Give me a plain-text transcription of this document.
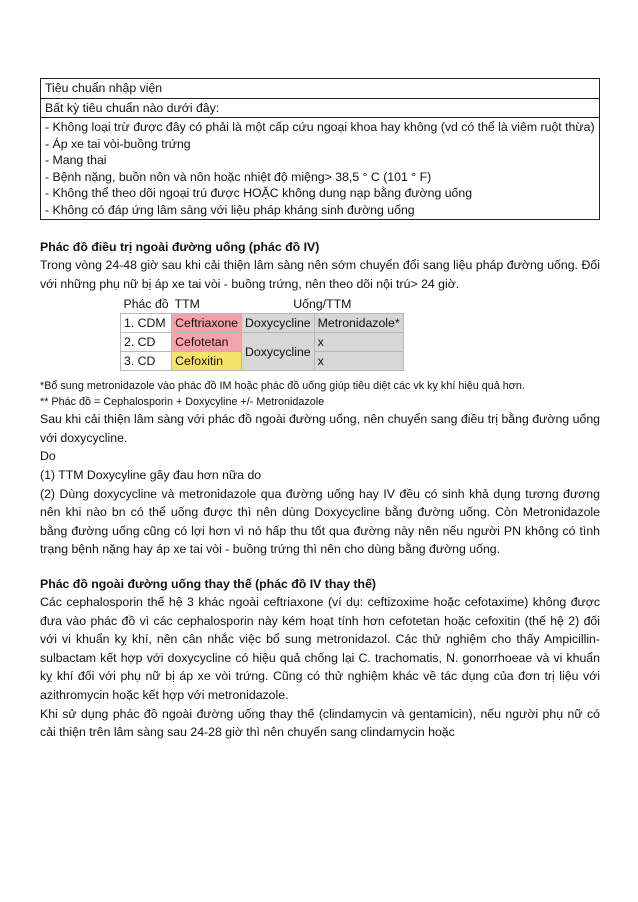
Tiêu chuẩn nhập viện
Bất kỳ tiêu chuẩn nào dưới đây:
- Không loại trừ được đây có phải là một cấp cứu ngoại khoa hay không (vd có thể là viêm ruột thừa)
- Áp xe tai vòi-buồng trứng
- Mang thai
- Bệnh nặng, buồn nôn và nôn hoặc nhiệt độ miệng> 38,5 ° C (101 ° F)
- Không thể theo dõi ngoại trú được HOẶC không dung nạp bằng đường uống
- Không có đáp ứng lâm sàng với liệu pháp kháng sinh đường uống
Phác đồ điều trị ngoài đường uống (phác đồ IV)
Trong vòng 24-48 giờ sau khi cải thiện lâm sàng nên sớm chuyển đổi sang liệu pháp đường uống. Đối với những phụ nữ bị áp xe tai vòi - buồng trứng, nên theo dõi nội trú> 24 giờ.
Phác đồ	TTM	Uống/TTM	
1. CDM	Ceftriaxone	Doxycycline	Metronidazole*
2. CD	Cefotetan	Doxycycline	x
3. CD	Cefoxitin		x
*Bổ sung metronidazole vào phác đồ IM hoặc phác đồ uống giúp tiêu diệt các vk kỵ khí hiệu quả hơn.
** Phác đồ = Cephalosporin + Doxycyline +/- Metronidazole
Sau khi cải thiện lâm sàng với phác đồ ngoài đường uống, nên chuyển sang điều trị bằng đường uống với doxycycline.
Do
(1) TTM Doxycyline gây đau hơn nữa do
(2) Dùng doxycycline và metronidazole qua đường uống hay IV đều có sinh khả dụng tương đương nên khi nào bn có thể uống được thì nên dùng Doxycycline bằng đường uống. Còn Metronidazole bằng đường uống cũng có lợi hơn vì nó hấp thu tốt qua đường này nên nếu người PN không có tình trạng bệnh nặng hay áp xe tai vòi - buồng trứng thì nên cho dùng bằng đường uống.
Phác đồ ngoài đường uống thay thế (phác đồ IV thay thế)
Các cephalosporin thế hệ 3 khác ngoài ceftriaxone (ví dụ: ceftizoxime hoặc cefotaxime) không được đưa vào phác đồ vì các cephalosporin này kém hoạt tính hơn cefotetan hoặc cefoxitin (thế hệ 2) đối với vi khuẩn kỵ khí, nên cân nhắc việc bổ sung metronidazol. Các thử nghiệm cho thấy Ampicillin-sulbactam kết hợp với doxycycline có hiệu quả chống lại C. trachomatis, N. gonorrhoeae và vi khuẩn kỵ khí đối với phụ nữ bị áp xe vòi trứng. Cũng có thử nghiệm khác về tác dụng của đơn trị liệu với azithromycin hoặc kết hợp với metronidazole.
Khi sử dụng phác đồ ngoài đường uống thay thế (clindamycin và gentamicin), nếu người phụ nữ có cải thiện trên lâm sàng sau 24-28 giờ thì nên chuyển sang clindamycin hoặc
